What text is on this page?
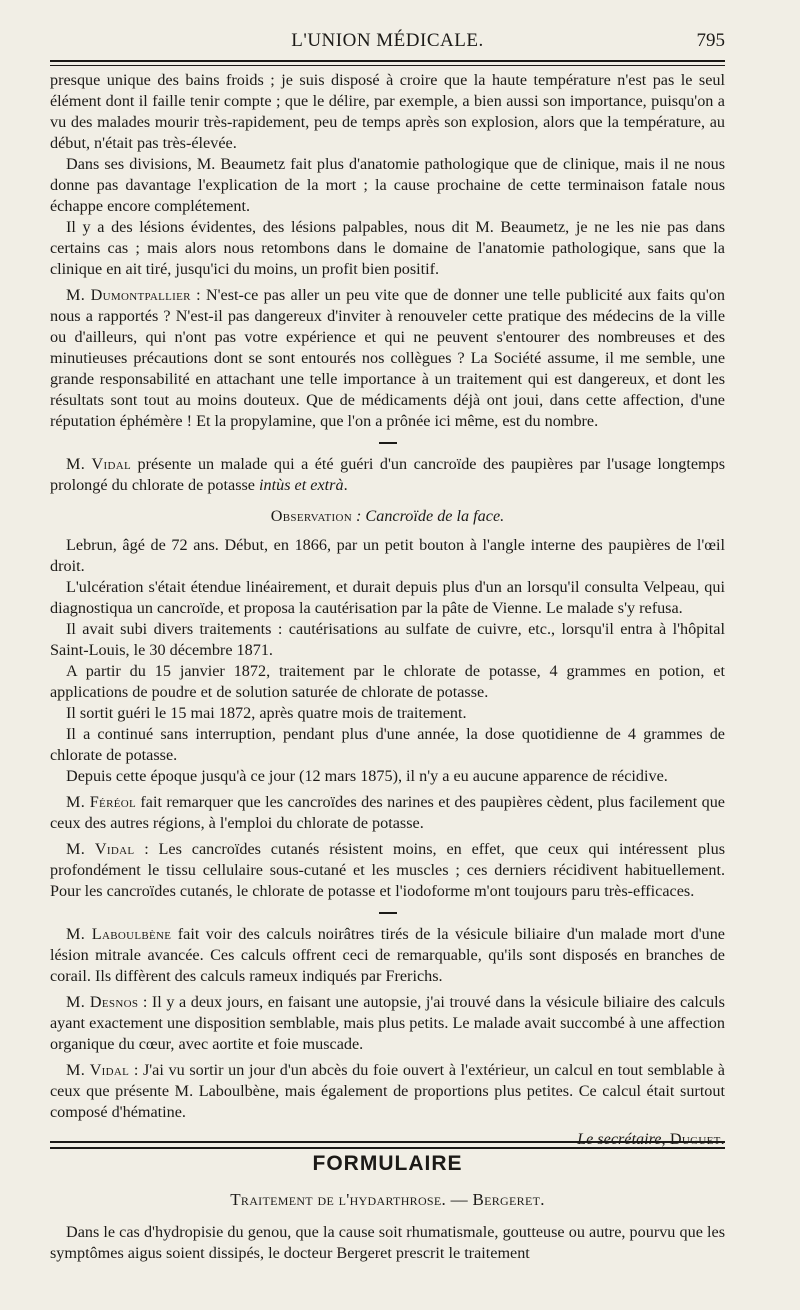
L'UNION MÉDICALE.	795

presque unique des bains froids ; je suis disposé à croire que la haute température n'est pas le seul élément dont il faille tenir compte ; que le délire, par exemple, a bien aussi son importance, puisqu'on a vu des malades mourir très-rapidement, peu de temps après son explosion, alors que la température, au début, n'était pas très-élevée.

Dans ses divisions, M. Beaumetz fait plus d'anatomie pathologique que de clinique, mais il ne nous donne pas davantage l'explication de la mort ; la cause prochaine de cette terminaison fatale nous échappe encore complétement.

Il y a des lésions évidentes, des lésions palpables, nous dit M. Beaumetz, je ne les nie pas dans certains cas ; mais alors nous retombons dans le domaine de l'anatomie pathologique, sans que la clinique en ait tiré, jusqu'ici du moins, un profit bien positif.

M. Dumontpallier : N'est-ce pas aller un peu vite que de donner une telle publicité aux faits qu'on nous a rapportés ? N'est-il pas dangereux d'inviter à renouveler cette pratique des médecins de la ville ou d'ailleurs, qui n'ont pas votre expérience et qui ne peuvent s'entourer des nombreuses et des minutieuses précautions dont se sont entourés nos collègues ? La Société assume, il me semble, une grande responsabilité en attachant une telle importance à un traitement qui est dangereux, et dont les résultats sont tout au moins douteux. Que de médicaments déjà ont joui, dans cette affection, d'une réputation éphémère ! Et la propylamine, que l'on a prônée ici même, est du nombre.

M. Vidal présente un malade qui a été guéri d'un cancroïde des paupières par l'usage longtemps prolongé du chlorate de potasse intùs et extrà.

Observation : Cancroïde de la face.

Lebrun, âgé de 72 ans. Début, en 1866, par un petit bouton à l'angle interne des paupières de l'œil droit.

L'ulcération s'était étendue linéairement, et durait depuis plus d'un an lorsqu'il consulta Velpeau, qui diagnostiqua un cancroïde, et proposa la cautérisation par la pâte de Vienne. Le malade s'y refusa.

Il avait subi divers traitements : cautérisations au sulfate de cuivre, etc., lorsqu'il entra à l'hôpital Saint-Louis, le 30 décembre 1871.

A partir du 15 janvier 1872, traitement par le chlorate de potasse, 4 grammes en potion, et applications de poudre et de solution saturée de chlorate de potasse.

Il sortit guéri le 15 mai 1872, après quatre mois de traitement.

Il a continué sans interruption, pendant plus d'une année, la dose quotidienne de 4 grammes de chlorate de potasse.

Depuis cette époque jusqu'à ce jour (12 mars 1875), il n'y a eu aucune apparence de récidive.

M. Féréol fait remarquer que les cancroïdes des narines et des paupières cèdent, plus facilement que ceux des autres régions, à l'emploi du chlorate de potasse.

M. Vidal : Les cancroïdes cutanés résistent moins, en effet, que ceux qui intéressent plus profondément le tissu cellulaire sous-cutané et les muscles ; ces derniers récidivent habituellement. Pour les cancroïdes cutanés, le chlorate de potasse et l'iodoforme m'ont toujours paru très-efficaces.

M. Laboulbène fait voir des calculs noirâtres tirés de la vésicule biliaire d'un malade mort d'une lésion mitrale avancée. Ces calculs offrent ceci de remarquable, qu'ils sont disposés en branches de corail. Ils diffèrent des calculs rameux indiqués par Frerichs.

M. Desnos : Il y a deux jours, en faisant une autopsie, j'ai trouvé dans la vésicule biliaire des calculs ayant exactement une disposition semblable, mais plus petits. Le malade avait succombé à une affection organique du cœur, avec aortite et foie muscade.

M. Vidal : J'ai vu sortir un jour d'un abcès du foie ouvert à l'extérieur, un calcul en tout semblable à ceux que présente M. Laboulbène, mais également de proportions plus petites. Ce calcul était surtout composé d'hématine.

Le secrétaire, Duguet.

FORMULAIRE
Traitement de l'hydarthrose. — Bergeret.

Dans le cas d'hydropisie du genou, que la cause soit rhumatismale, goutteuse ou autre, pourvu que les symptômes aigus soient dissipés, le docteur Bergeret prescrit le traitement
